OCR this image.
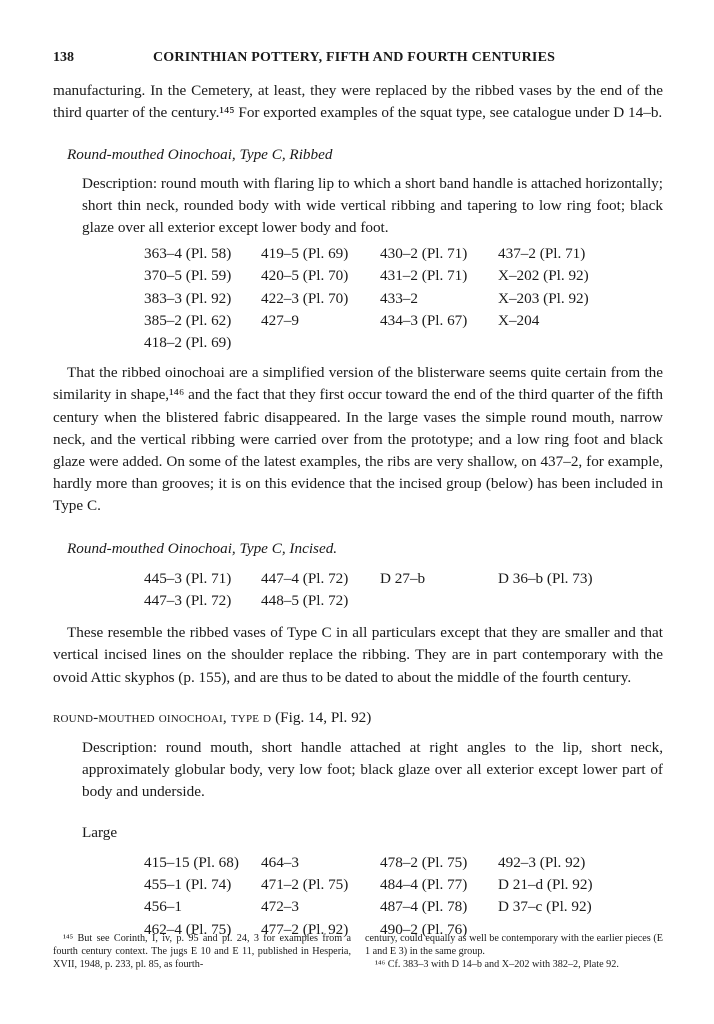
138	CORINTHIAN POTTERY, FIFTH AND FOURTH CENTURIES

manufacturing. In the Cemetery, at least, they were replaced by the ribbed vases by the end of the third quarter of the century.¹⁴⁵ For exported examples of the squat type, see catalogue under D 14–b.

Round-mouthed Oinochoai, Type C, Ribbed

Description: round mouth with flaring lip to which a short band handle is attached horizontally; short thin neck, rounded body with wide vertical ribbing and tapering to low ring foot; black glaze over all exterior except lower body and foot.

363–4 (Pl. 58)	419–5 (Pl. 69)	430–2 (Pl. 71)	437–2 (Pl. 71)
370–5 (Pl. 59)	420–5 (Pl. 70)	431–2 (Pl. 71)	X–202 (Pl. 92)
383–3 (Pl. 92)	422–3 (Pl. 70)	433–2	X–203 (Pl. 92)
385–2 (Pl. 62)	427–9	434–3 (Pl. 67)	X–204
418–2 (Pl. 69)

That the ribbed oinochoai are a simplified version of the blisterware seems quite certain from the similarity in shape,¹⁴⁶ and the fact that they first occur toward the end of the third quarter of the fifth century when the blistered fabric disappeared. In the large vases the simple round mouth, narrow neck, and the vertical ribbing were carried over from the prototype; and a low ring foot and black glaze were added. On some of the latest examples, the ribs are very shallow, on 437–2, for example, hardly more than grooves; it is on this evidence that the incised group (below) has been included in Type C.

Round-mouthed Oinochoai, Type C, Incised.
445–3 (Pl. 71)	447–4 (Pl. 72)	D 27–b	D 36–b (Pl. 73)
447–3 (Pl. 72)	448–5 (Pl. 72)

These resemble the ribbed vases of Type C in all particulars except that they are smaller and that vertical incised lines on the shoulder replace the ribbing. They are in part contemporary with the ovoid Attic skyphos (p. 155), and are thus to be dated to about the middle of the fourth century.

round-mouthed oinochoai, type d (Fig. 14, Pl. 92)

Description: round mouth, short handle attached at right angles to the lip, short neck, approximately globular body, very low foot; black glaze over all exterior except lower part of body and underside.

Large
415–15 (Pl. 68)	464–3	478–2 (Pl. 75)	492–3 (Pl. 92)
455–1 (Pl. 74)	471–2 (Pl. 75)	484–4 (Pl. 77)	D 21–d (Pl. 92)
456–1	472–3	487–4 (Pl. 78)	D 37–c (Pl. 92)
462–4 (Pl. 75)	477–2 (Pl. 92)	490–2 (Pl. 76)

¹⁴⁵ But see Corinth, I, iv, p. 95 and pl. 24, 3 for examples from a fourth century context. The jugs E 10 and E 11, published in Hesperia, XVII, 1948, p. 233, pl. 85, as fourth-

century, could equally as well be contemporary with the earlier pieces (E 1 and E 3) in the same group.

¹⁴⁶ Cf. 383–3 with D 14–b and X–202 with 382–2, Plate 92.
